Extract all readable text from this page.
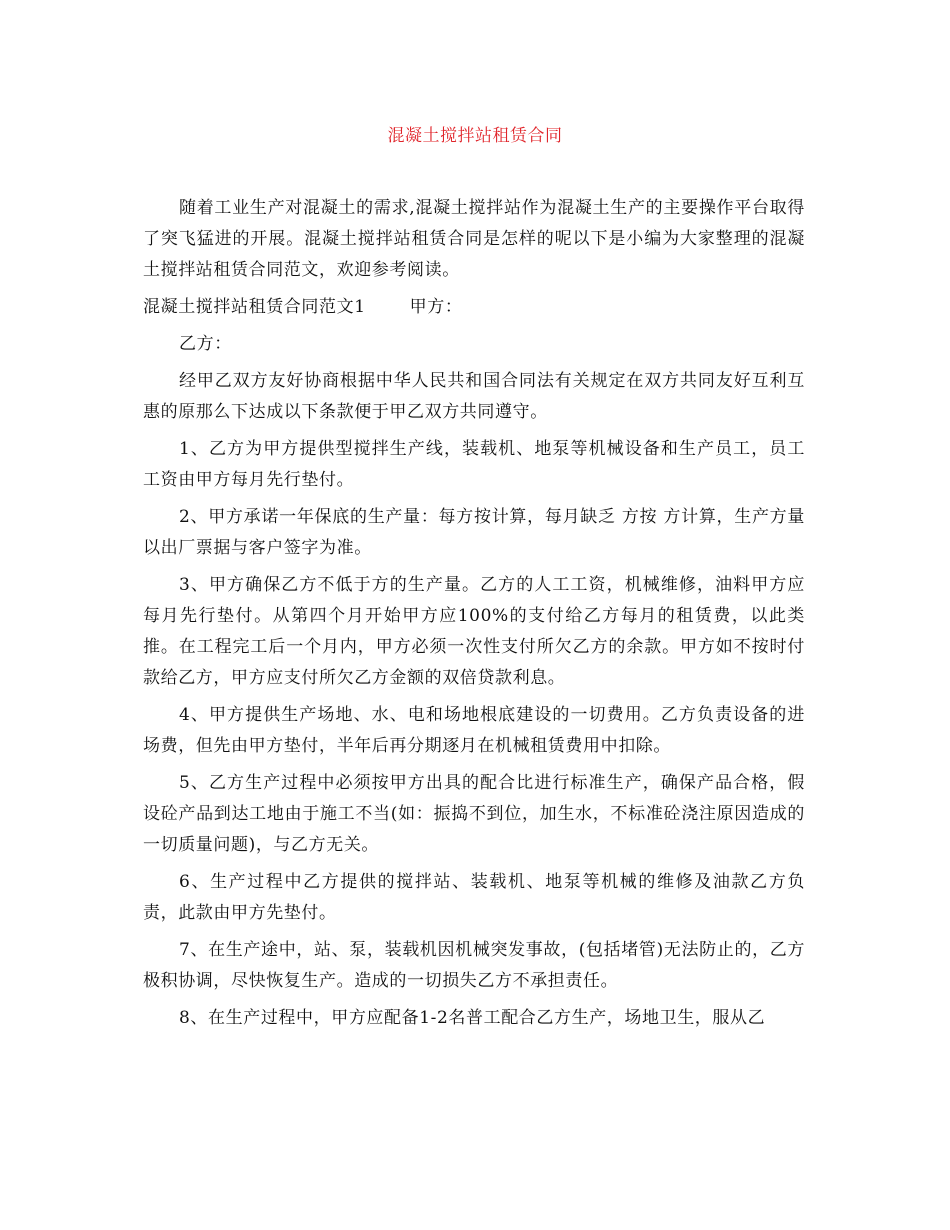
混凝土搅拌站租赁合同

随着工业生产对混凝土的需求,混凝土搅拌站作为混凝土生产的主要操作平台取得了突飞猛进的开展。混凝土搅拌站租赁合同是怎样的呢以下是小编为大家整理的混凝土搅拌站租赁合同范文，欢迎参考阅读。

混凝土搅拌站租赁合同范文1	甲方：

乙方：

经甲乙双方友好协商根据中华人民共和国合同法有关规定在双方共同友好互利互惠的原那么下达成以下条款便于甲乙双方共同遵守。

1、乙方为甲方提供型搅拌生产线，装载机、地泵等机械设备和生产员工，员工工资由甲方每月先行垫付。

2、甲方承诺一年保底的生产量：每方按计算，每月缺乏 方按 方计算，生产方量以出厂票据与客户签字为准。

3、甲方确保乙方不低于方的生产量。乙方的人工工资，机械维修，油料甲方应每月先行垫付。从第四个月开始甲方应100%的支付给乙方每月的租赁费，以此类推。在工程完工后一个月内，甲方必须一次性支付所欠乙方的余款。甲方如不按时付款给乙方，甲方应支付所欠乙方金额的双倍贷款利息。

4、甲方提供生产场地、水、电和场地根底建设的一切费用。乙方负责设备的进场费，但先由甲方垫付，半年后再分期逐月在机械租赁费用中扣除。

5、乙方生产过程中必须按甲方出具的配合比进行标准生产，确保产品合格，假设砼产品到达工地由于施工不当(如：振捣不到位，加生水，不标准砼浇注原因造成的一切质量问题)，与乙方无关。

6、生产过程中乙方提供的搅拌站、装载机、地泵等机械的维修及油款乙方负责，此款由甲方先垫付。

7、在生产途中，站、泵，装载机因机械突发事故，(包括堵管)无法防止的，乙方极积协调，尽快恢复生产。造成的一切损失乙方不承担责任。

8、在生产过程中，甲方应配备1-2名普工配合乙方生产，场地卫生，服从乙
